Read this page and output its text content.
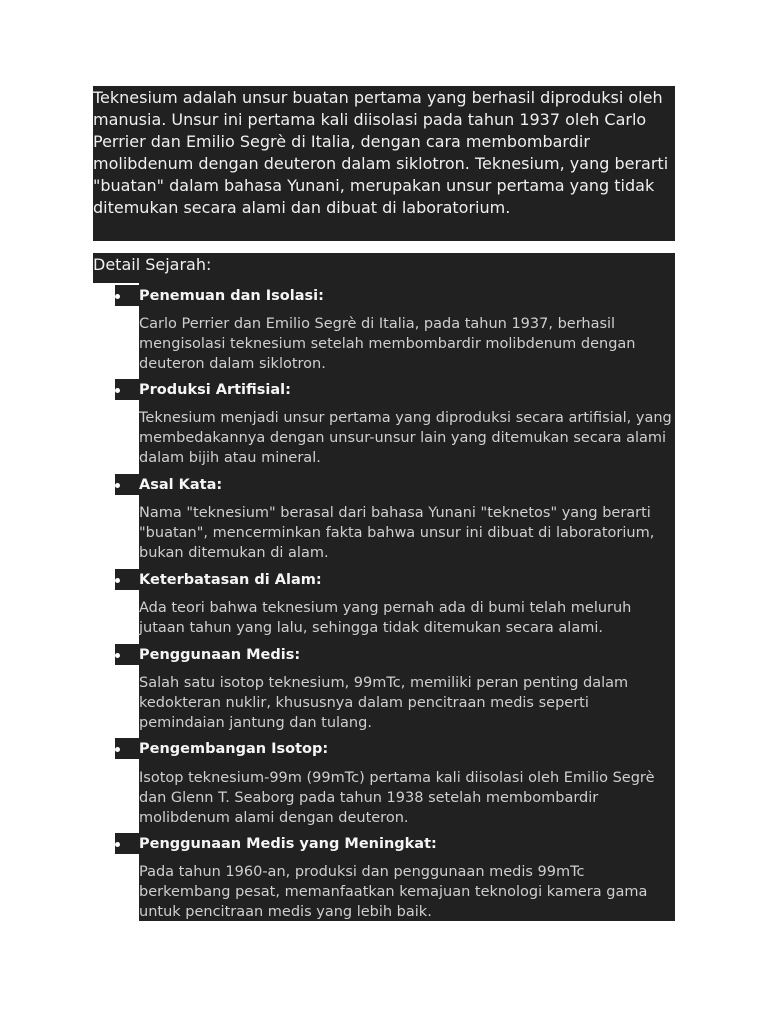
Teknesium adalah unsur buatan pertama yang berhasil diproduksi oleh manusia. Unsur ini pertama kali diisolasi pada tahun 1937 oleh Carlo Perrier dan Emilio Segrè di Italia, dengan cara membombardir molibdenum dengan deuteron dalam siklotron. Teknesium, yang berarti "buatan" dalam bahasa Yunani, merupakan unsur pertama yang tidak ditemukan secara alami dan dibuat di laboratorium.

Detail Sejarah:

Penemuan dan Isolasi:

Carlo Perrier dan Emilio Segrè di Italia, pada tahun 1937, berhasil mengisolasi teknesium setelah membombardir molibdenum dengan deuteron dalam siklotron.

Produksi Artifisial:

Teknesium menjadi unsur pertama yang diproduksi secara artifisial, yang membedakannya dengan unsur-unsur lain yang ditemukan secara alami dalam bijih atau mineral.

Asal Kata:

Nama "teknesium" berasal dari bahasa Yunani "teknetos" yang berarti "buatan", mencerminkan fakta bahwa unsur ini dibuat di laboratorium, bukan ditemukan di alam.

Keterbatasan di Alam:

Ada teori bahwa teknesium yang pernah ada di bumi telah meluruh jutaan tahun yang lalu, sehingga tidak ditemukan secara alami.

Penggunaan Medis:

Salah satu isotop teknesium, 99mTc, memiliki peran penting dalam kedokteran nuklir, khususnya dalam pencitraan medis seperti pemindaian jantung dan tulang.

Pengembangan Isotop:

Isotop teknesium-99m (99mTc) pertama kali diisolasi oleh Emilio Segrè dan Glenn T. Seaborg pada tahun 1938 setelah membombardir molibdenum alami dengan deuteron.

Penggunaan Medis yang Meningkat:

Pada tahun 1960-an, produksi dan penggunaan medis 99mTc berkembang pesat, memanfaatkan kemajuan teknologi kamera gama untuk pencitraan medis yang lebih baik.
